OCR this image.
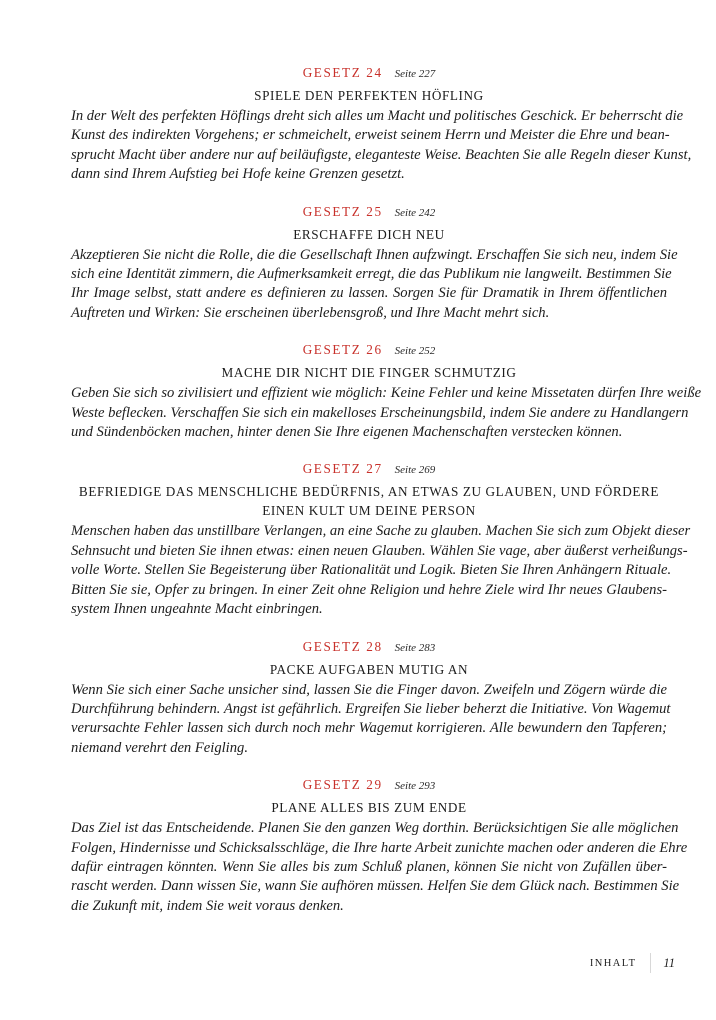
GESETZ 24 Seite 227
SPIELE DEN PERFEKTEN HÖFLING
In der Welt des perfekten Höflings dreht sich alles um Macht und politisches Geschick. Er beherrscht die
Kunst des indirekten Vorgehens; er schmeichelt, erweist seinem Herrn und Meister die Ehre und bean-
sprucht Macht über andere nur auf beiläufigste, eleganteste Weise. Beachten Sie alle Regeln dieser Kunst,
dann sind Ihrem Aufstieg bei Hofe keine Grenzen gesetzt.
GESETZ 25 Seite 242
ERSCHAFFE DICH NEU
Akzeptieren Sie nicht die Rolle, die die Gesellschaft Ihnen aufzwingt. Erschaffen Sie sich neu, indem Sie
sich eine Identität zimmern, die Aufmerksamkeit erregt, die das Publikum nie langweilt. Bestimmen Sie
Ihr Image selbst, statt andere es definieren zu lassen. Sorgen Sie für Dramatik in Ihrem öffentlichen
Auftreten und Wirken: Sie erscheinen überlebensgroß, und Ihre Macht mehrt sich.
GESETZ 26 Seite 252
MACHE DIR NICHT DIE FINGER SCHMUTZIG
Geben Sie sich so zivilisiert und effizient wie möglich: Keine Fehler und keine Missetaten dürfen Ihre weiße
Weste beflecken. Verschaffen Sie sich ein makelloses Erscheinungsbild, indem Sie andere zu Handlangern
und Sündenböcken machen, hinter denen Sie Ihre eigenen Machenschaften verstecken können.
GESETZ 27 Seite 269
BEFRIEDIGE DAS MENSCHLICHE BEDÜRFNIS, AN ETWAS ZU GLAUBEN, UND FÖRDERE
EINEN KULT UM DEINE PERSON
Menschen haben das unstillbare Verlangen, an eine Sache zu glauben. Machen Sie sich zum Objekt dieser
Sehnsucht und bieten Sie ihnen etwas: einen neuen Glauben. Wählen Sie vage, aber äußerst verheißungs-
volle Worte. Stellen Sie Begeisterung über Rationalität und Logik. Bieten Sie Ihren Anhängern Rituale.
Bitten Sie sie, Opfer zu bringen. In einer Zeit ohne Religion und hehre Ziele wird Ihr neues Glaubens-
system Ihnen ungeahnte Macht einbringen.
GESETZ 28 Seite 283
PACKE AUFGABEN MUTIG AN
Wenn Sie sich einer Sache unsicher sind, lassen Sie die Finger davon. Zweifeln und Zögern würde die
Durchführung behindern. Angst ist gefährlich. Ergreifen Sie lieber beherzt die Initiative. Von Wagemut
verursachte Fehler lassen sich durch noch mehr Wagemut korrigieren. Alle bewundern den Tapferen;
niemand verehrt den Feigling.
GESETZ 29 Seite 293
PLANE ALLES BIS ZUM ENDE
Das Ziel ist das Entscheidende. Planen Sie den ganzen Weg dorthin. Berücksichtigen Sie alle möglichen
Folgen, Hindernisse und Schicksalsschläge, die Ihre harte Arbeit zunichte machen oder anderen die Ehre
dafür eintragen könnten. Wenn Sie alles bis zum Schluß planen, können Sie nicht von Zufällen über-
rascht werden. Dann wissen Sie, wann Sie aufhören müssen. Helfen Sie dem Glück nach. Bestimmen Sie
die Zukunft mit, indem Sie weit voraus denken.
INHALT 11
